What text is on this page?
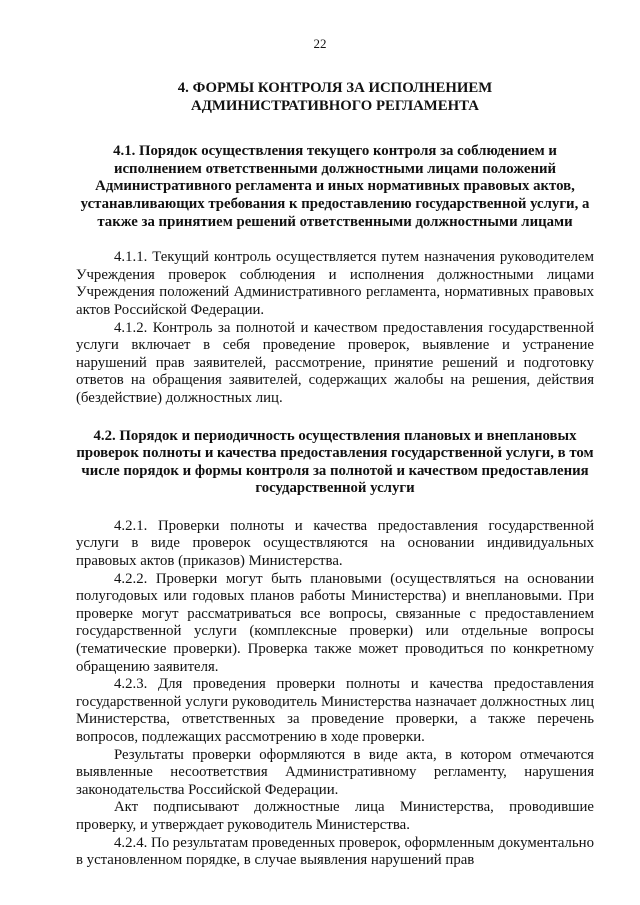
22
4. ФОРМЫ КОНТРОЛЯ ЗА ИСПОЛНЕНИЕМ АДМИНИСТРАТИВНОГО РЕГЛАМЕНТА
4.1. Порядок осуществления текущего контроля за соблюдением и исполнением ответственными должностными лицами положений Административного регламента и иных нормативных правовых актов, устанавливающих требования к предоставлению государственной услуги, а также за принятием решений ответственными должностными лицами

4.1.1. Текущий контроль осуществляется путем назначения руководителем Учреждения проверок соблюдения и исполнения должностными лицами Учреждения положений Административного регламента, нормативных правовых актов Российской Федерации.

4.1.2. Контроль за полнотой и качеством предоставления государственной услуги включает в себя проведение проверок, выявление и устранение нарушений прав заявителей, рассмотрение, принятие решений и подготовку ответов на обращения заявителей, содержащих жалобы на решения, действия (бездействие) должностных лиц.

4.2. Порядок и периодичность осуществления плановых и внеплановых проверок полноты и качества предоставления государственной услуги, в том числе порядок и формы контроля за полнотой и качеством предоставления государственной услуги

4.2.1. Проверки полноты и качества предоставления государственной услуги в виде проверок осуществляются на основании индивидуальных правовых актов (приказов) Министерства.

4.2.2. Проверки могут быть плановыми (осуществляться на основании полугодовых или годовых планов работы Министерства) и внеплановыми. При проверке могут рассматриваться все вопросы, связанные с предоставлением государственной услуги (комплексные проверки) или отдельные вопросы (тематические проверки). Проверка также может проводиться по конкретному обращению заявителя.

4.2.3. Для проведения проверки полноты и качества предоставления государственной услуги руководитель Министерства назначает должностных лиц Министерства, ответственных за проведение проверки, а также перечень вопросов, подлежащих рассмотрению в ходе проверки.

Результаты проверки оформляются в виде акта, в котором отмечаются выявленные несоответствия Административному регламенту, нарушения законодательства Российской Федерации.

Акт подписывают должностные лица Министерства, проводившие проверку, и утверждает руководитель Министерства.

4.2.4. По результатам проведенных проверок, оформленным документально в установленном порядке, в случае выявления нарушений прав
